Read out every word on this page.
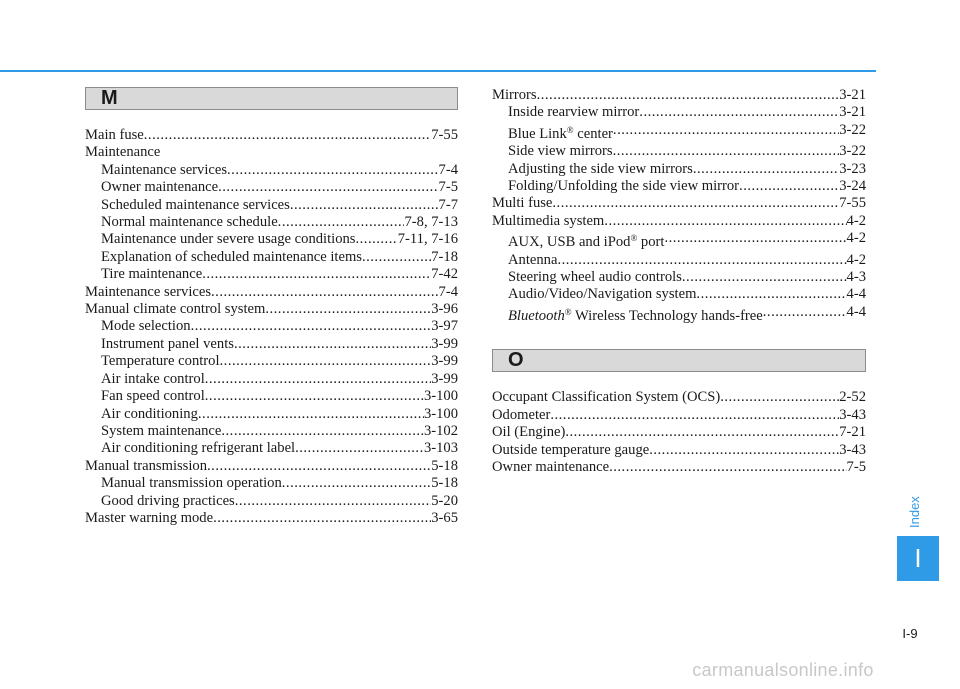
M
Main fuse .....	7-55
Maintenance
Maintenance services .....	7-4
Owner maintenance .....	7-5
Scheduled maintenance services .....	7-7
Normal maintenance schedule .....	7-8, 7-13
Maintenance under severe usage conditions .....	7-11, 7-16
Explanation of scheduled maintenance items .....	7-18
Tire maintenance .....	7-42
Maintenance services .....	7-4
Manual climate control system .....	3-96
Mode selection .....	3-97
Instrument panel vents .....	3-99
Temperature control .....	3-99
Air intake control .....	3-99
Fan speed control .....	3-100
Air conditioning .....	3-100
System maintenance .....	3-102
Air conditioning refrigerant label .....	3-103
Manual transmission .....	5-18
Manual transmission operation .....	5-18
Good driving practices .....	5-20
Master warning mode .....	3-65
Mirrors .....	3-21
Inside rearview mirror .....	3-21
Blue Link® center .....	3-22
Side view mirrors .....	3-22
Adjusting the side view mirrors .....	3-23
Folding/Unfolding the side view mirror .....	3-24
Multi fuse .....	7-55
Multimedia system .....	4-2
AUX, USB and iPod® port .....	4-2
Antenna .....	4-2
Steering wheel audio controls .....	4-3
Audio/Video/Navigation system .....	4-4
Bluetooth® Wireless Technology hands-free .....	4-4
O
Occupant Classification System (OCS) .....	2-52
Odometer .....	3-43
Oil (Engine) .....	7-21
Outside temperature gauge .....	3-43
Owner maintenance .....	7-5
Index
I
I-9
carmanualsonline.info
